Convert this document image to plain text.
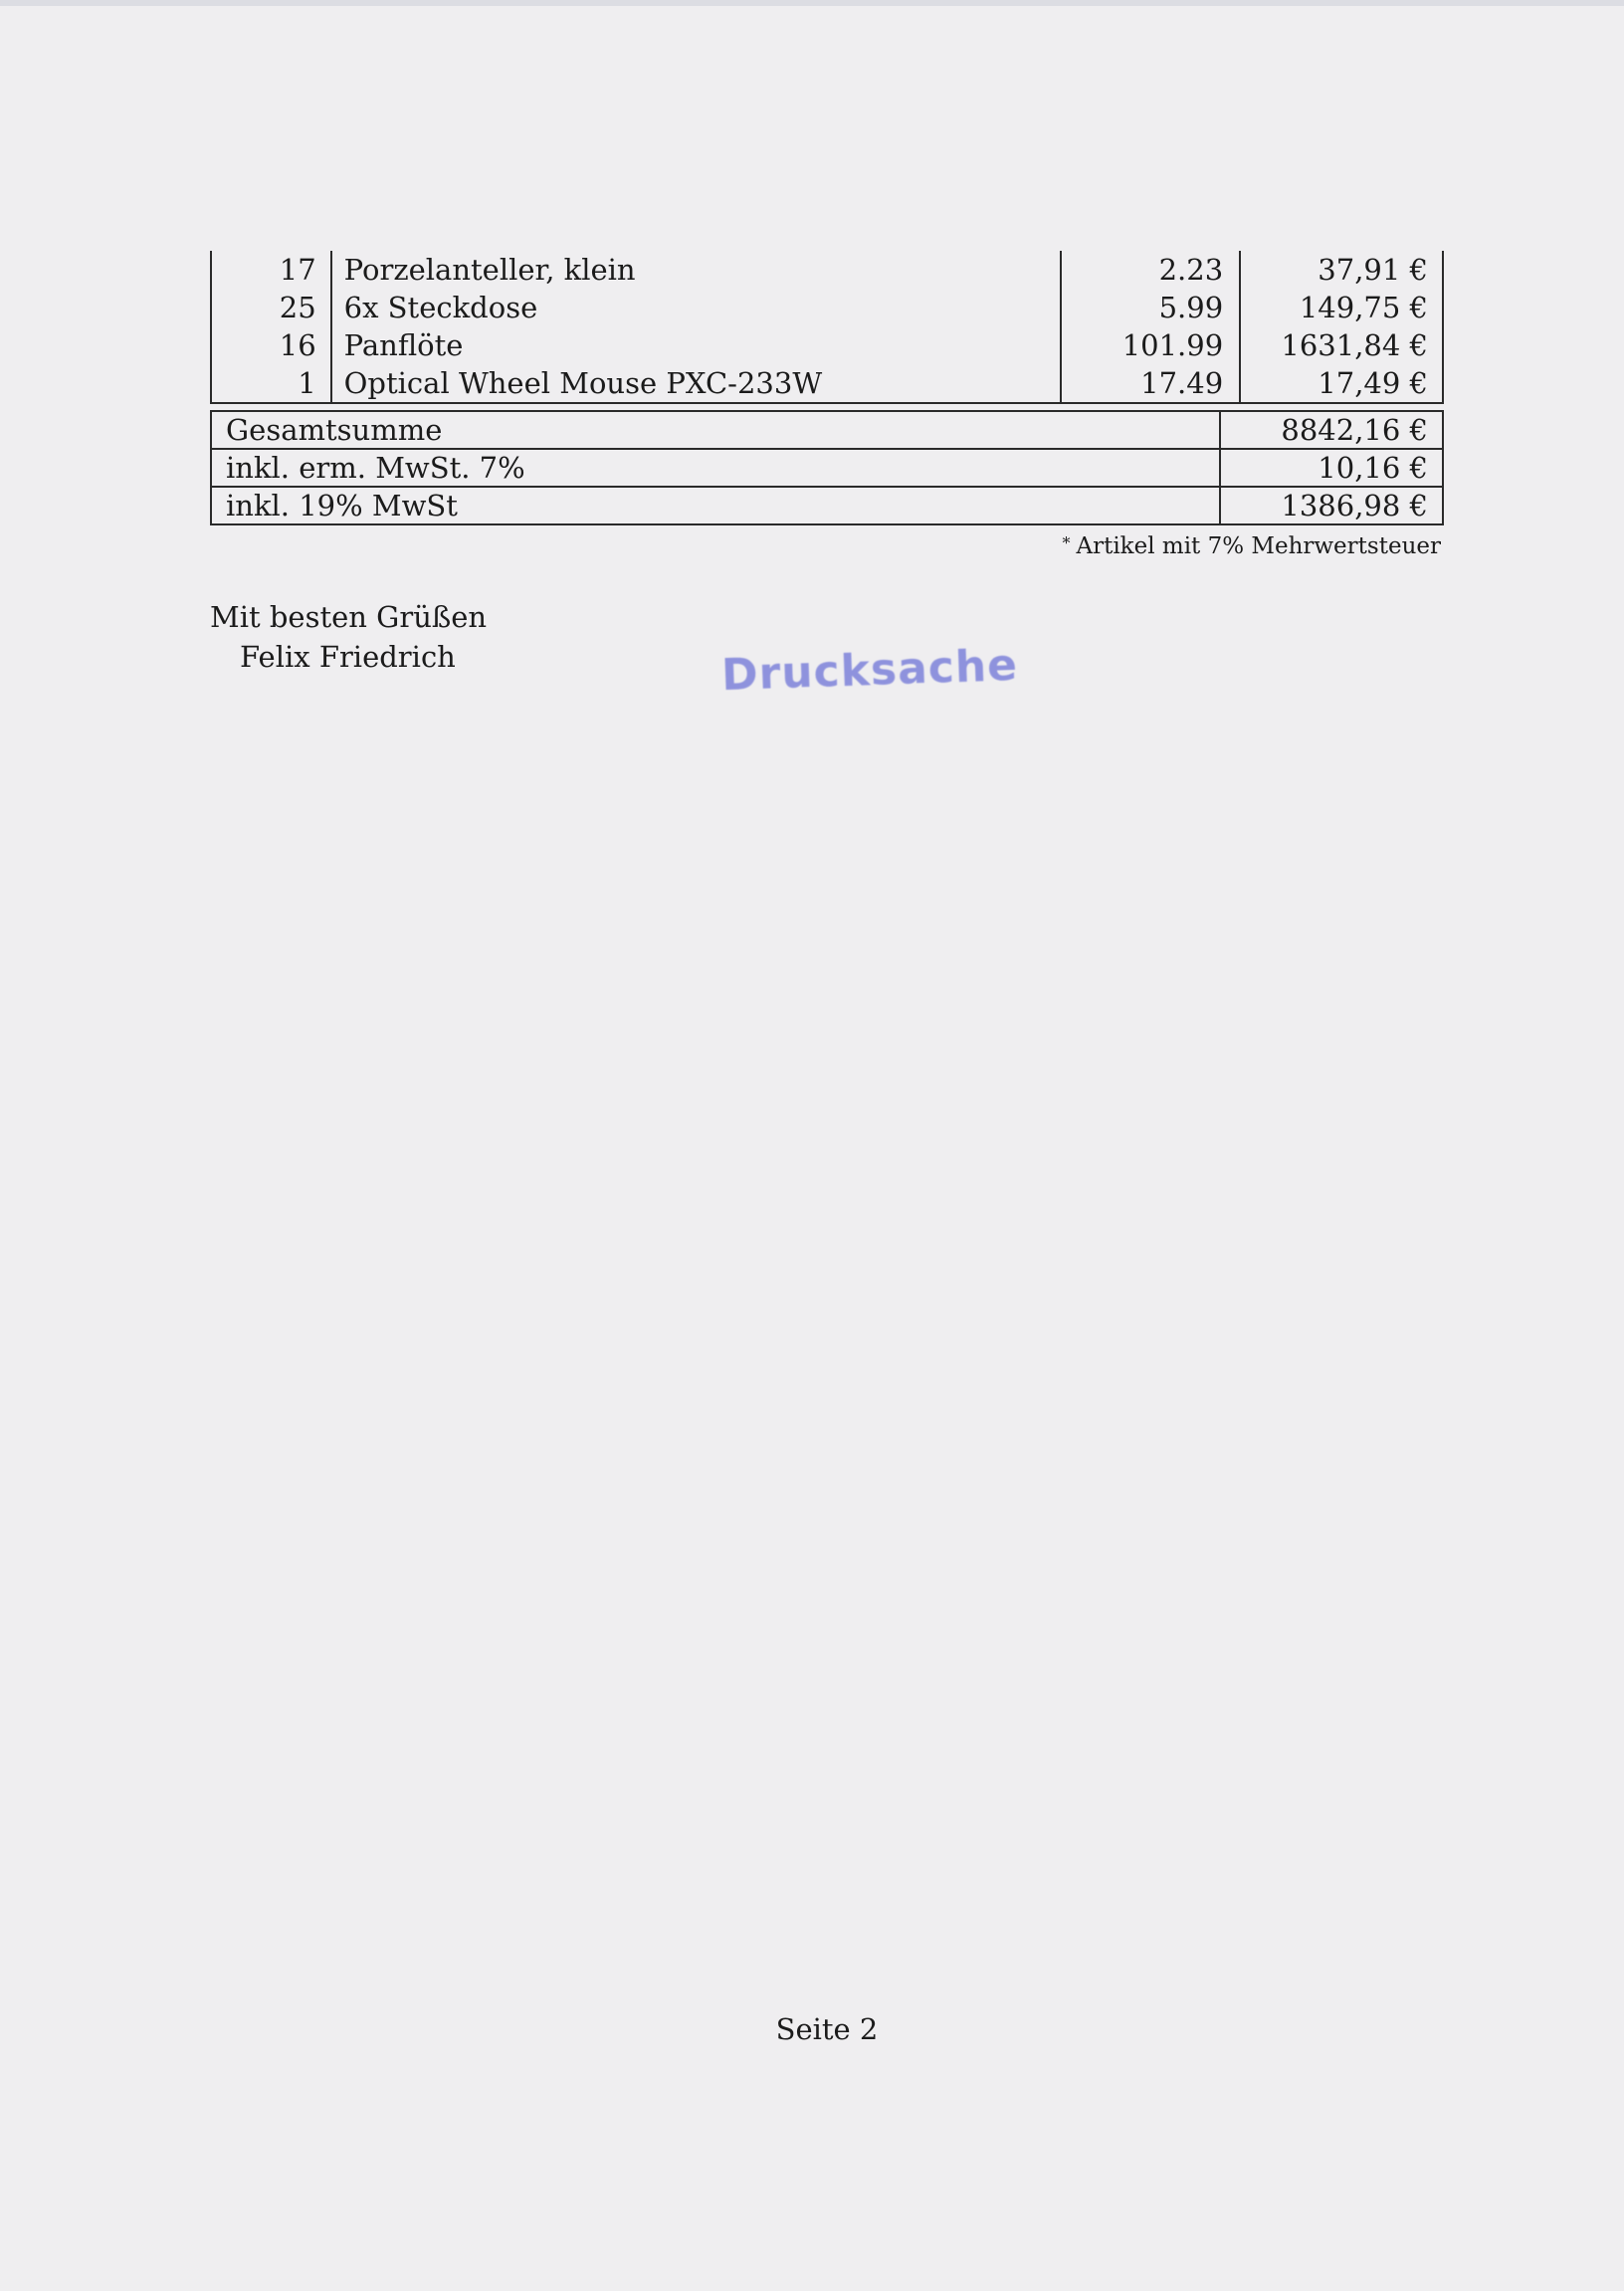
17	Porzelanteller, klein	2.23	37,91 €
25	6x Steckdose	5.99	149,75 €
16	Panflöte	101.99	1631,84 €
1	Optical Wheel Mouse PXC-233W	17.49	17,49 €
Gesamtsumme	8842,16 €
inkl. erm. MwSt. 7%	10,16 €
inkl. 19% MwSt	1386,98 €
* Artikel mit 7% Mehrwertsteuer
Mit besten Grüßen
Felix Friedrich	Drucksache
Seite 2
